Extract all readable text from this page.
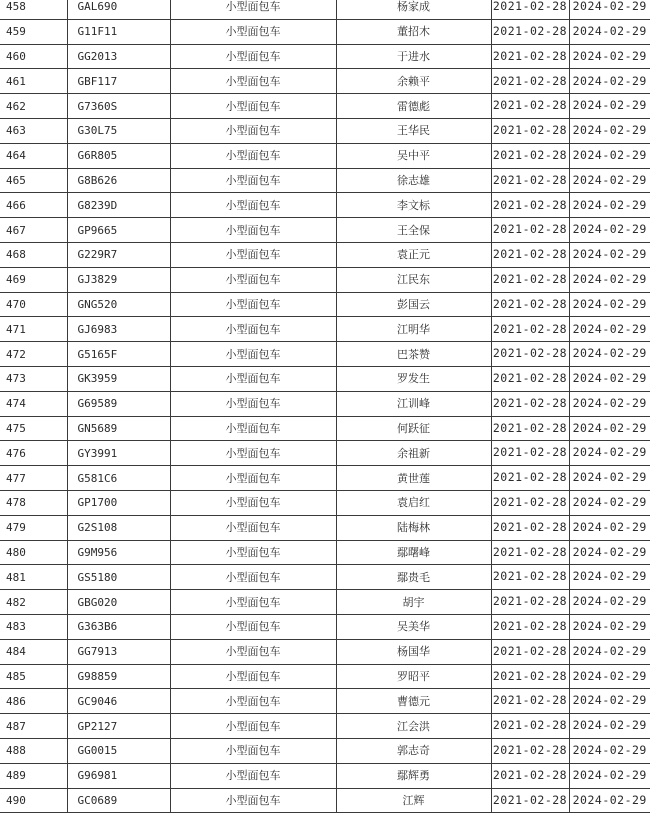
458	GAL690	小型面包车	杨家成	2021-02-28	2024-02-29
459	G11F11	小型面包车	董招木	2021-02-28	2024-02-29
460	GG2013	小型面包车	于进水	2021-02-28	2024-02-29
461	GBF117	小型面包车	余赖平	2021-02-28	2024-02-29
462	G7360S	小型面包车	雷德彪	2021-02-28	2024-02-29
463	G30L75	小型面包车	王华民	2021-02-28	2024-02-29
464	G6R805	小型面包车	吴中平	2021-02-28	2024-02-29
465	G8B626	小型面包车	徐志雄	2021-02-28	2024-02-29
466	G8239D	小型面包车	李文标	2021-02-28	2024-02-29
467	GP9665	小型面包车	王全保	2021-02-28	2024-02-29
468	G229R7	小型面包车	袁正元	2021-02-28	2024-02-29
469	GJ3829	小型面包车	江民东	2021-02-28	2024-02-29
470	GNG520	小型面包车	彭国云	2021-02-28	2024-02-29
471	GJ6983	小型面包车	江明华	2021-02-28	2024-02-29
472	G5165F	小型面包车	巴茶赞	2021-02-28	2024-02-29
473	GK3959	小型面包车	罗发生	2021-02-28	2024-02-29
474	G69589	小型面包车	江训峰	2021-02-28	2024-02-29
475	GN5689	小型面包车	何跃征	2021-02-28	2024-02-29
476	GY3991	小型面包车	余祖新	2021-02-28	2024-02-29
477	G581C6	小型面包车	黄世莲	2021-02-28	2024-02-29
478	GP1700	小型面包车	袁启红	2021-02-28	2024-02-29
479	G2S108	小型面包车	陆梅林	2021-02-28	2024-02-29
480	G9M956	小型面包车	鄢曙峰	2021-02-28	2024-02-29
481	GS5180	小型面包车	鄢贵毛	2021-02-28	2024-02-29
482	GBG020	小型面包车	胡宇	2021-02-28	2024-02-29
483	G363B6	小型面包车	吴美华	2021-02-28	2024-02-29
484	GG7913	小型面包车	杨国华	2021-02-28	2024-02-29
485	G98859	小型面包车	罗昭平	2021-02-28	2024-02-29
486	GC9046	小型面包车	曹德元	2021-02-28	2024-02-29
487	GP2127	小型面包车	江会洪	2021-02-28	2024-02-29
488	GG0015	小型面包车	郭志奇	2021-02-28	2024-02-29
489	G96981	小型面包车	鄢辉勇	2021-02-28	2024-02-29
490	GC0689	小型面包车	江辉	2021-02-28	2024-02-29
